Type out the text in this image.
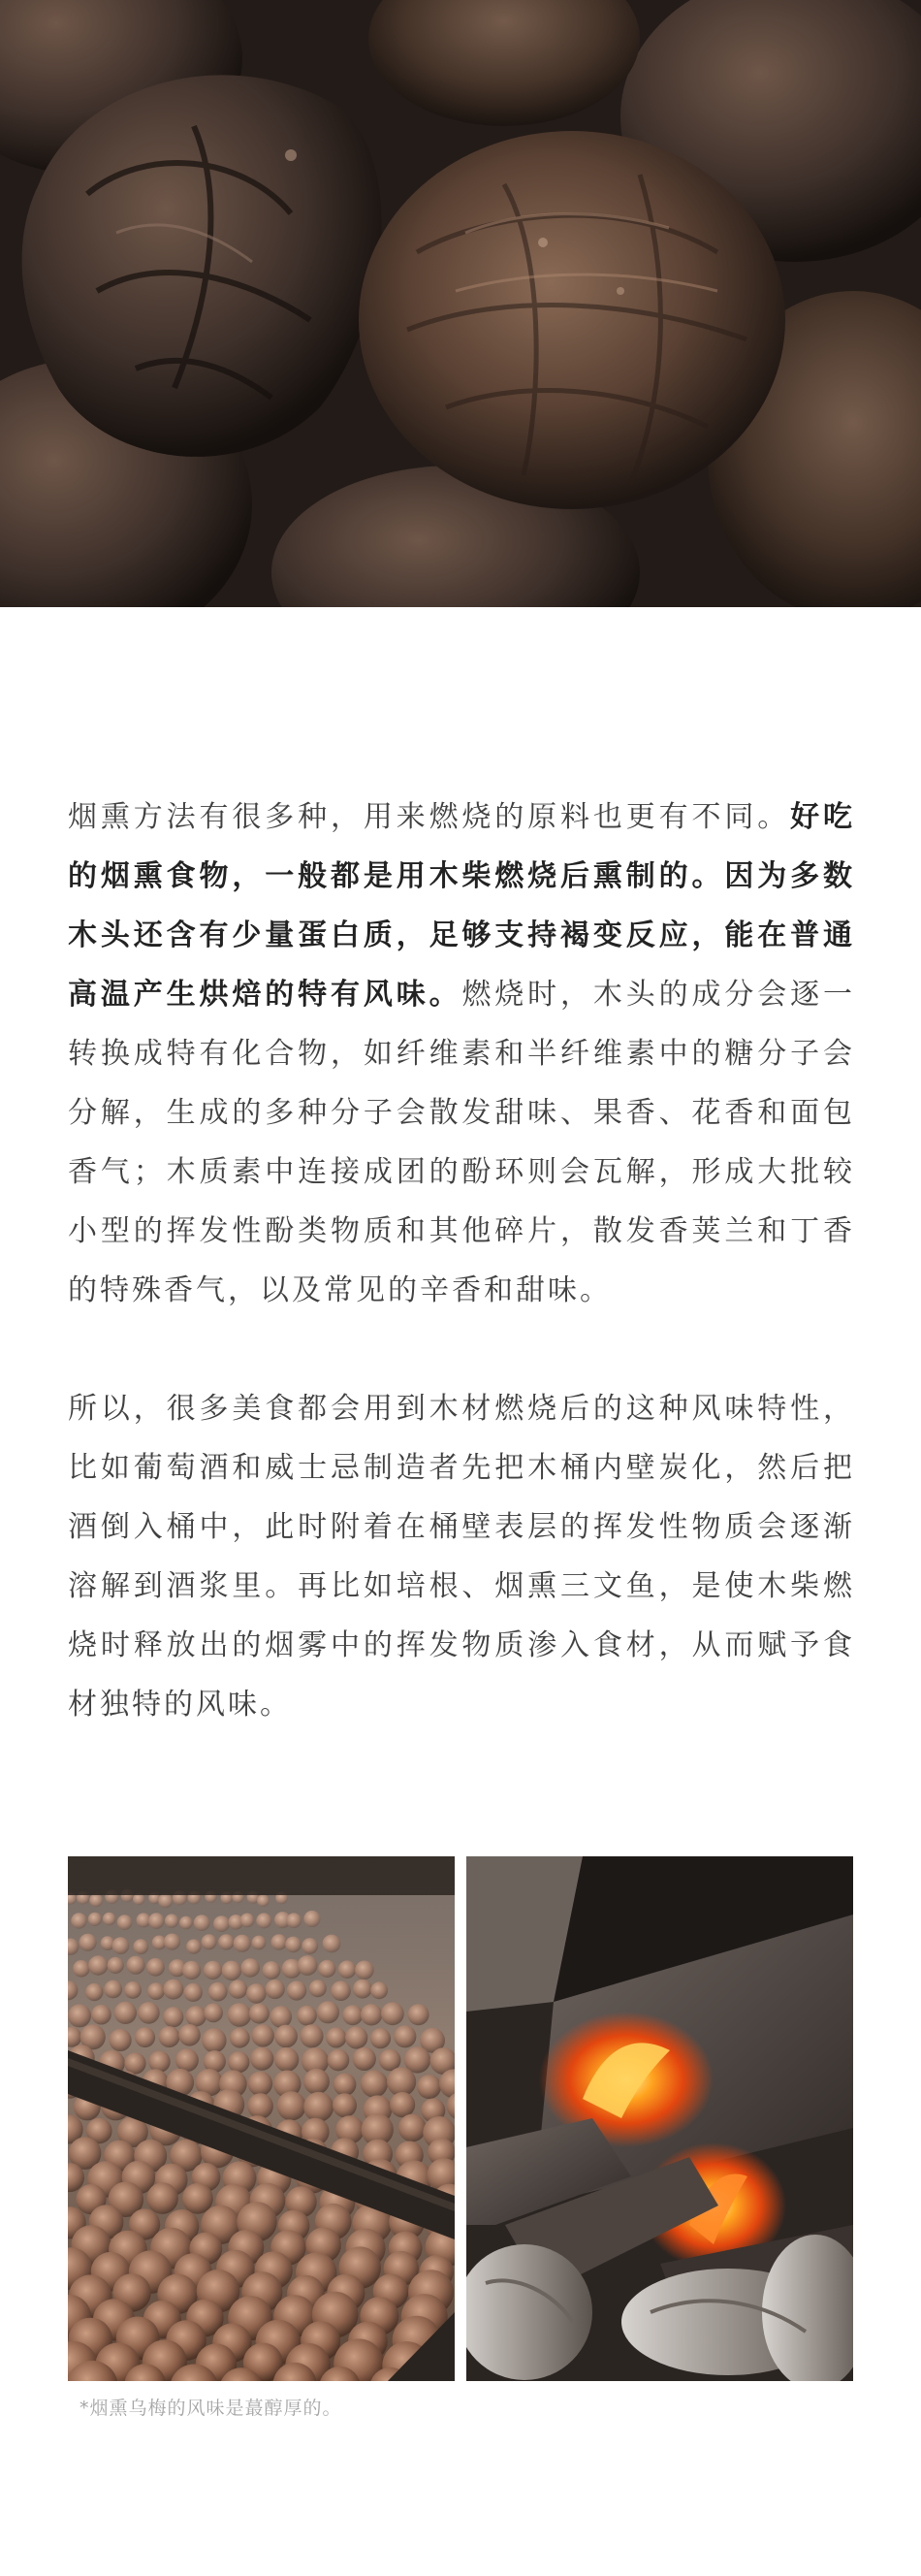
烟熏方法有很多种，用来燃烧的原料也更有不同。好吃的烟熏食物，一般都是用木柴燃烧后熏制的。因为多数木头还含有少量蛋白质，足够支持褐变反应，能在普通高温产生烘焙的特有风味。燃烧时，木头的成分会逐一转换成特有化合物，如纤维素和半纤维素中的糖分子会分解，生成的多种分子会散发甜味、果香、花香和面包香气；木质素中连接成团的酚环则会瓦解，形成大批较小型的挥发性酚类物质和其他碎片，散发香荚兰和丁香的特殊香气，以及常见的辛香和甜味。

所以，很多美食都会用到木材燃烧后的这种风味特性，比如葡萄酒和威士忌制造者先把木桶内壁炭化，然后把酒倒入桶中，此时附着在桶壁表层的挥发性物质会逐渐溶解到酒浆里。再比如培根、烟熏三文鱼，是使木柴燃烧时释放出的烟雾中的挥发物质渗入食材，从而赋予食材独特的风味。

*烟熏乌梅的风味是蕞醇厚的。
